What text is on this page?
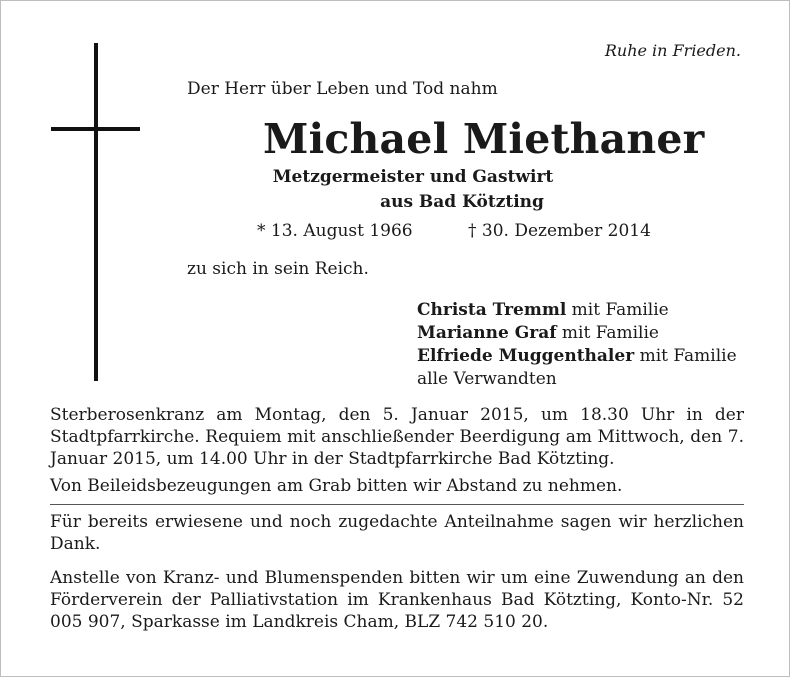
Ruhe in Frieden.
Der Herr über Leben und Tod nahm
Michael Miethaner
Metzgermeister und Gastwirt
aus Bad Kötzting
* 13. August 1966	† 30. Dezember 2014
zu sich in sein Reich.
Christa Tremml mit Familie
Marianne Graf mit Familie
Elfriede Muggenthaler mit Familie
alle Verwandten
Sterberosenkranz am Montag, den 5. Januar 2015, um 18.30 Uhr in der Stadtpfarrkirche. Requiem mit anschließender Beerdigung am Mittwoch, den 7. Januar 2015, um 14.00 Uhr in der Stadtpfarrkirche Bad Kötzting.
Von Beileidsbezeugungen am Grab bitten wir Abstand zu nehmen.
Für bereits erwiesene und noch zugedachte Anteilnahme sagen wir herzlichen Dank.
Anstelle von Kranz- und Blumenspenden bitten wir um eine Zuwendung an den Förderverein der Palliativstation im Krankenhaus Bad Kötzting, Konto-Nr. 52 005 907, Sparkasse im Landkreis Cham, BLZ 742 510 20.
